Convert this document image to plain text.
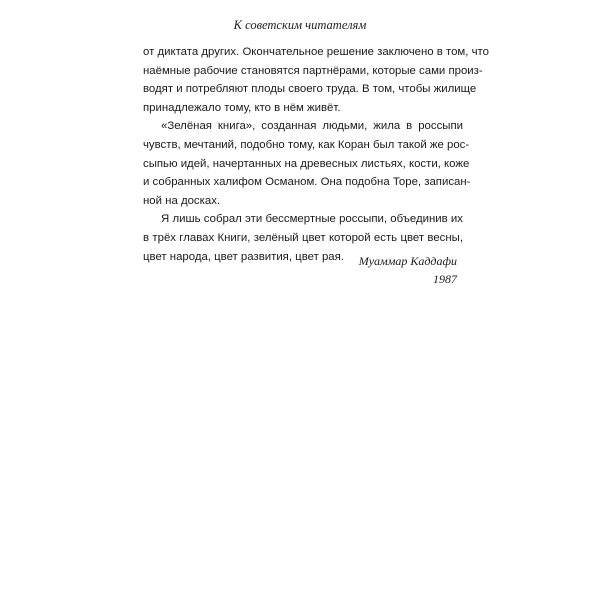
К советским читателям
от диктата других. Окончательное решение заключено в том, что
наёмные рабочие становятся партнёрами, которые сами произ-
водят и потребляют плоды своего труда. В том, чтобы жилище
принадлежало тому, кто в нём живёт.
«Зелёная книга», созданная людьми, жила в россыпи
чувств, мечтаний, подобно тому, как Коран был такой же рос-
сыпью идей, начертанных на древесных листьях, кости, коже
и собранных халифом Османом. Она подобна Торе, записан-
ной на досках.
Я лишь собрал эти бессмертные россыпи, объединив их
в трёх главах Книги, зелёный цвет которой есть цвет весны,
цвет народа, цвет развития, цвет рая.	Муаммар Каддафи
1987
